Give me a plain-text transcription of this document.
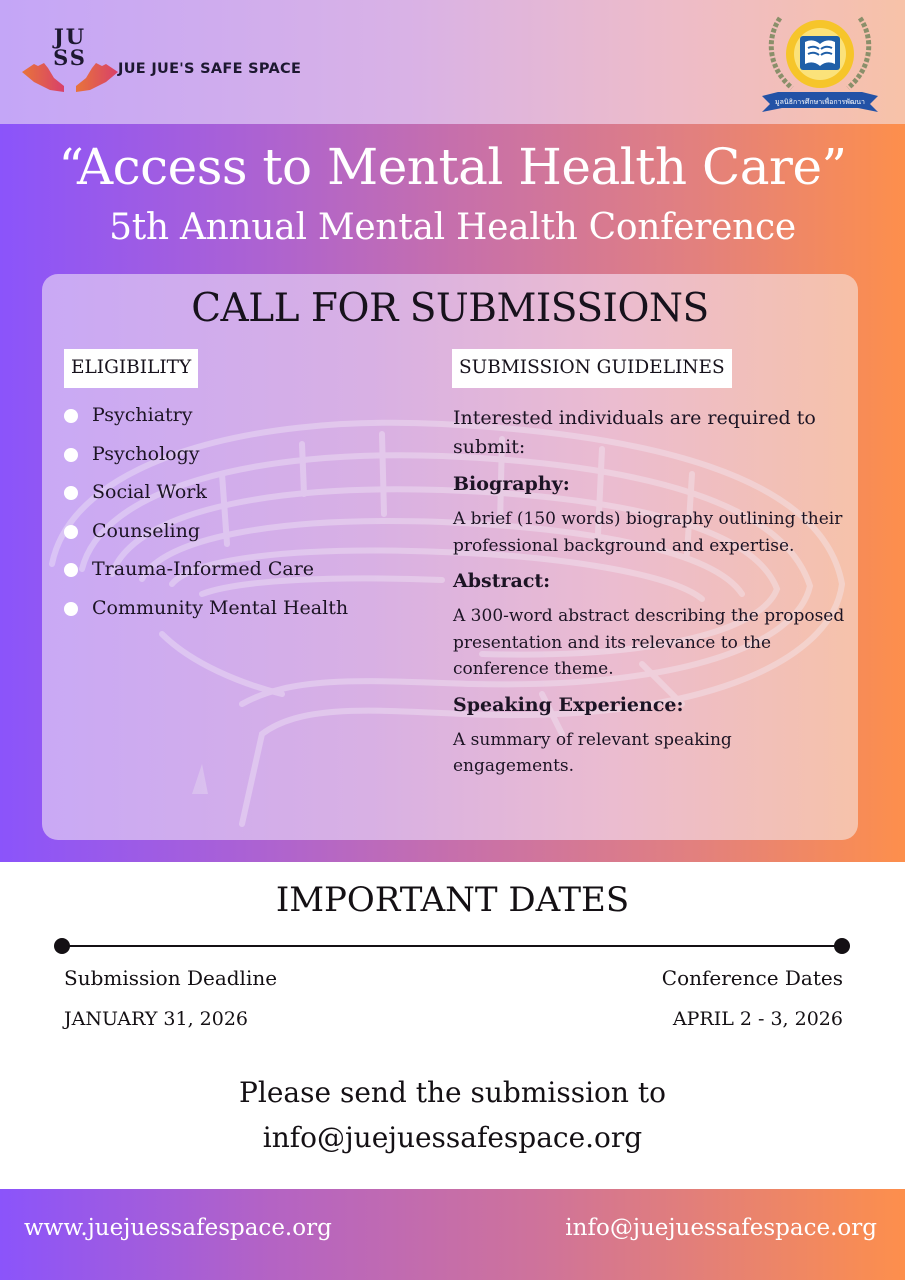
JU
SS JUE JUE'S SAFE SPACE
มูลนิธิการศึกษาเพื่อการพัฒนา
“Access to Mental Health Care”
5th Annual Mental Health Conference
CALL FOR SUBMISSIONS
ELIGIBILITY	SUBMISSION GUIDELINES
Psychiatry
Psychology
Social Work
Counseling
Trauma-Informed Care
Community Mental Health
Interested individuals are required to submit:
Biography:
A brief (150 words) biography outlining their professional background and expertise.
Abstract:
A 300-word abstract describing the proposed presentation and its relevance to the conference theme.
Speaking Experience:
A summary of relevant speaking engagements.
IMPORTANT DATES
Submission Deadline
JANUARY 31, 2026
Conference Dates
APRIL 2 - 3, 2026
Please send the submission to
info@juejuessafespace.org
www.juejuessafespace.org	info@juejuessafespace.org
